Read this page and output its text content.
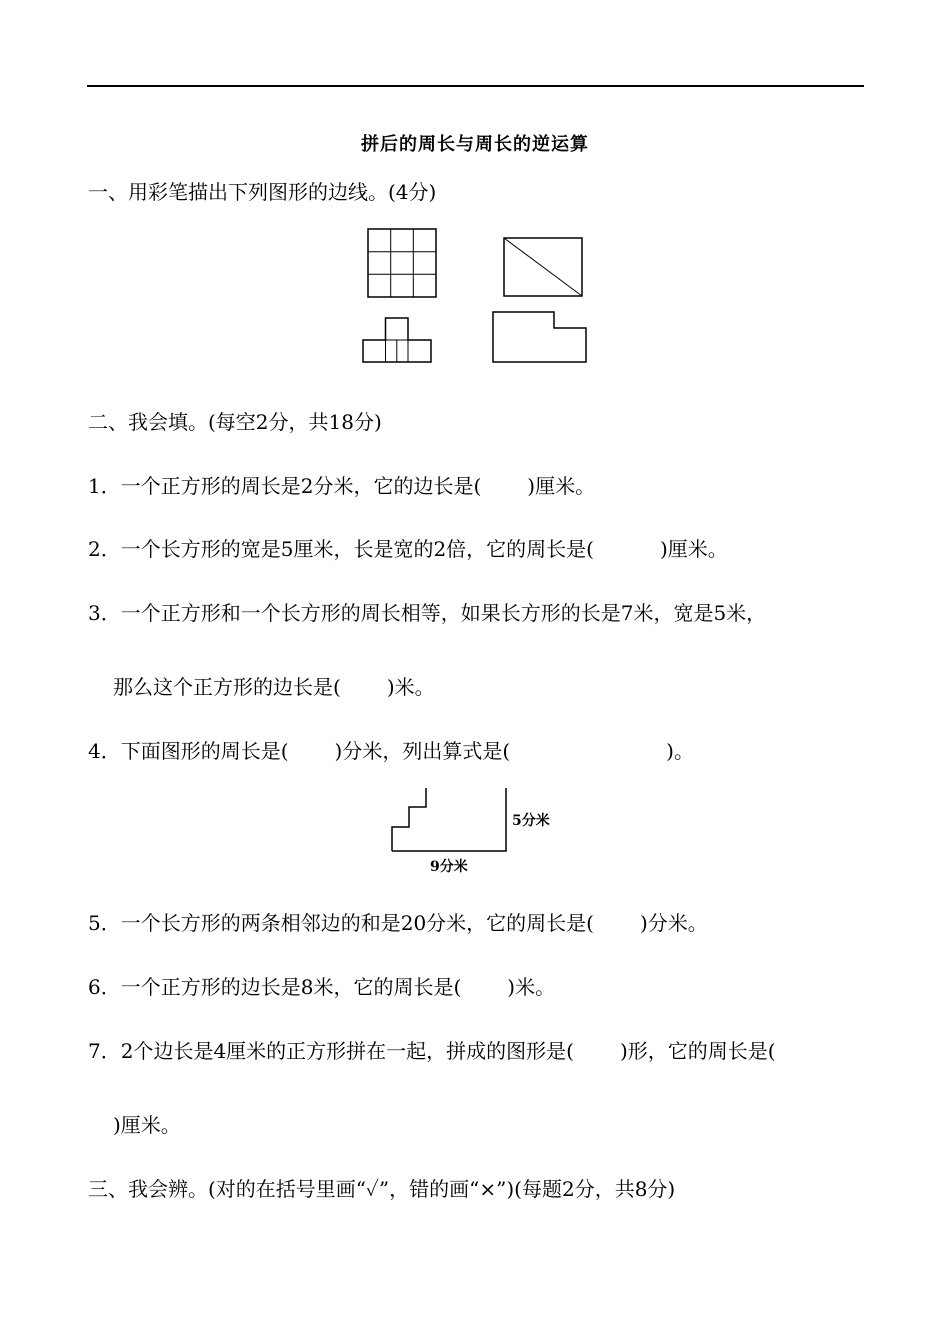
拼后的周长与周长的逆运算
一、用彩笔描出下列图形的边线。(4分)
二、我会填。(每空2分，共18分)
1．一个正方形的周长是2分米，它的边长是( )厘米。
2．一个长方形的宽是5厘米，长是宽的2倍，它的周长是(	)厘米。
3．一个正方形和一个长方形的周长相等，如果长方形的长是7米，宽是5米，
那么这个正方形的边长是( )米。
4．下面图形的周长是( )分米，列出算式是(	)。
5分米
9分米
5．一个长方形的两条相邻边的和是20分米，它的周长是( )分米。
6．一个正方形的边长是8米，它的周长是( )米。
7．2个边长是4厘米的正方形拼在一起，拼成的图形是( )形，它的周长是(
)厘米。
三、我会辨。(对的在括号里画“✓”，错的画“×”)(每题2分，共8分)
